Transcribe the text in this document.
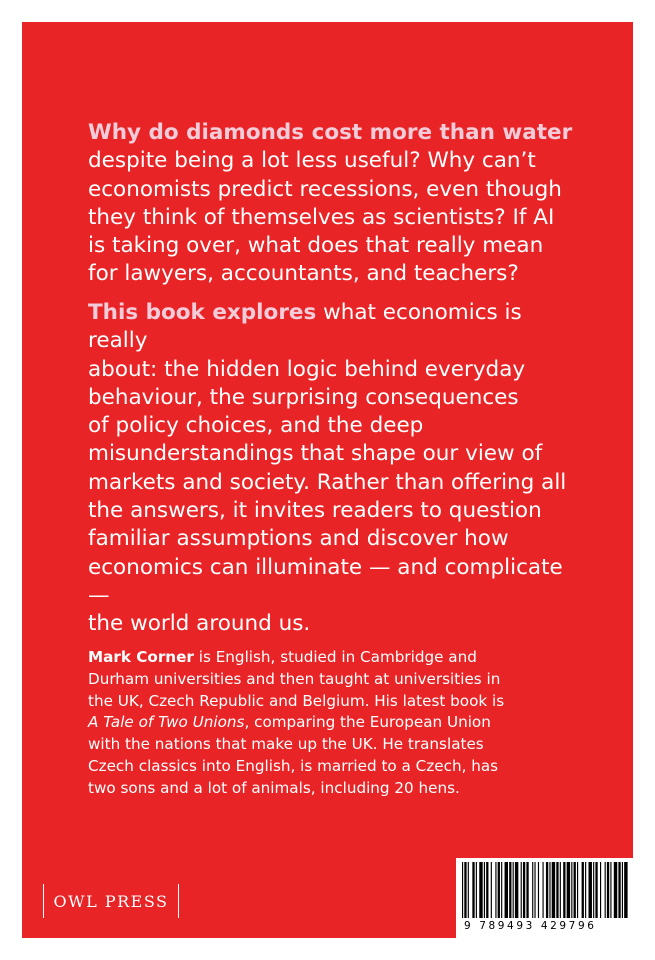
Why do diamonds cost more than water
despite being a lot less useful? Why can’t
economists predict recessions, even though
they think of themselves as scientists? If AI
is taking over, what does that really mean
for lawyers, accountants, and teachers?

This book explores what economics is really
about: the hidden logic behind everyday
behaviour, the surprising consequences
of policy choices, and the deep
misunderstandings that shape our view of
markets and society. Rather than offering all
the answers, it invites readers to question
familiar assumptions and discover how
economics can illuminate — and complicate —
the world around us.

Mark Corner is English, studied in Cambridge and
Durham universities and then taught at universities in
the UK, Czech Republic and Belgium. His latest book is
A Tale of Two Unions, comparing the European Union
with the nations that make up the UK. He translates
Czech classics into English, is married to a Czech, has
two sons and a lot of animals, including 20 hens.

OWL PRESS
9 789493 429796
